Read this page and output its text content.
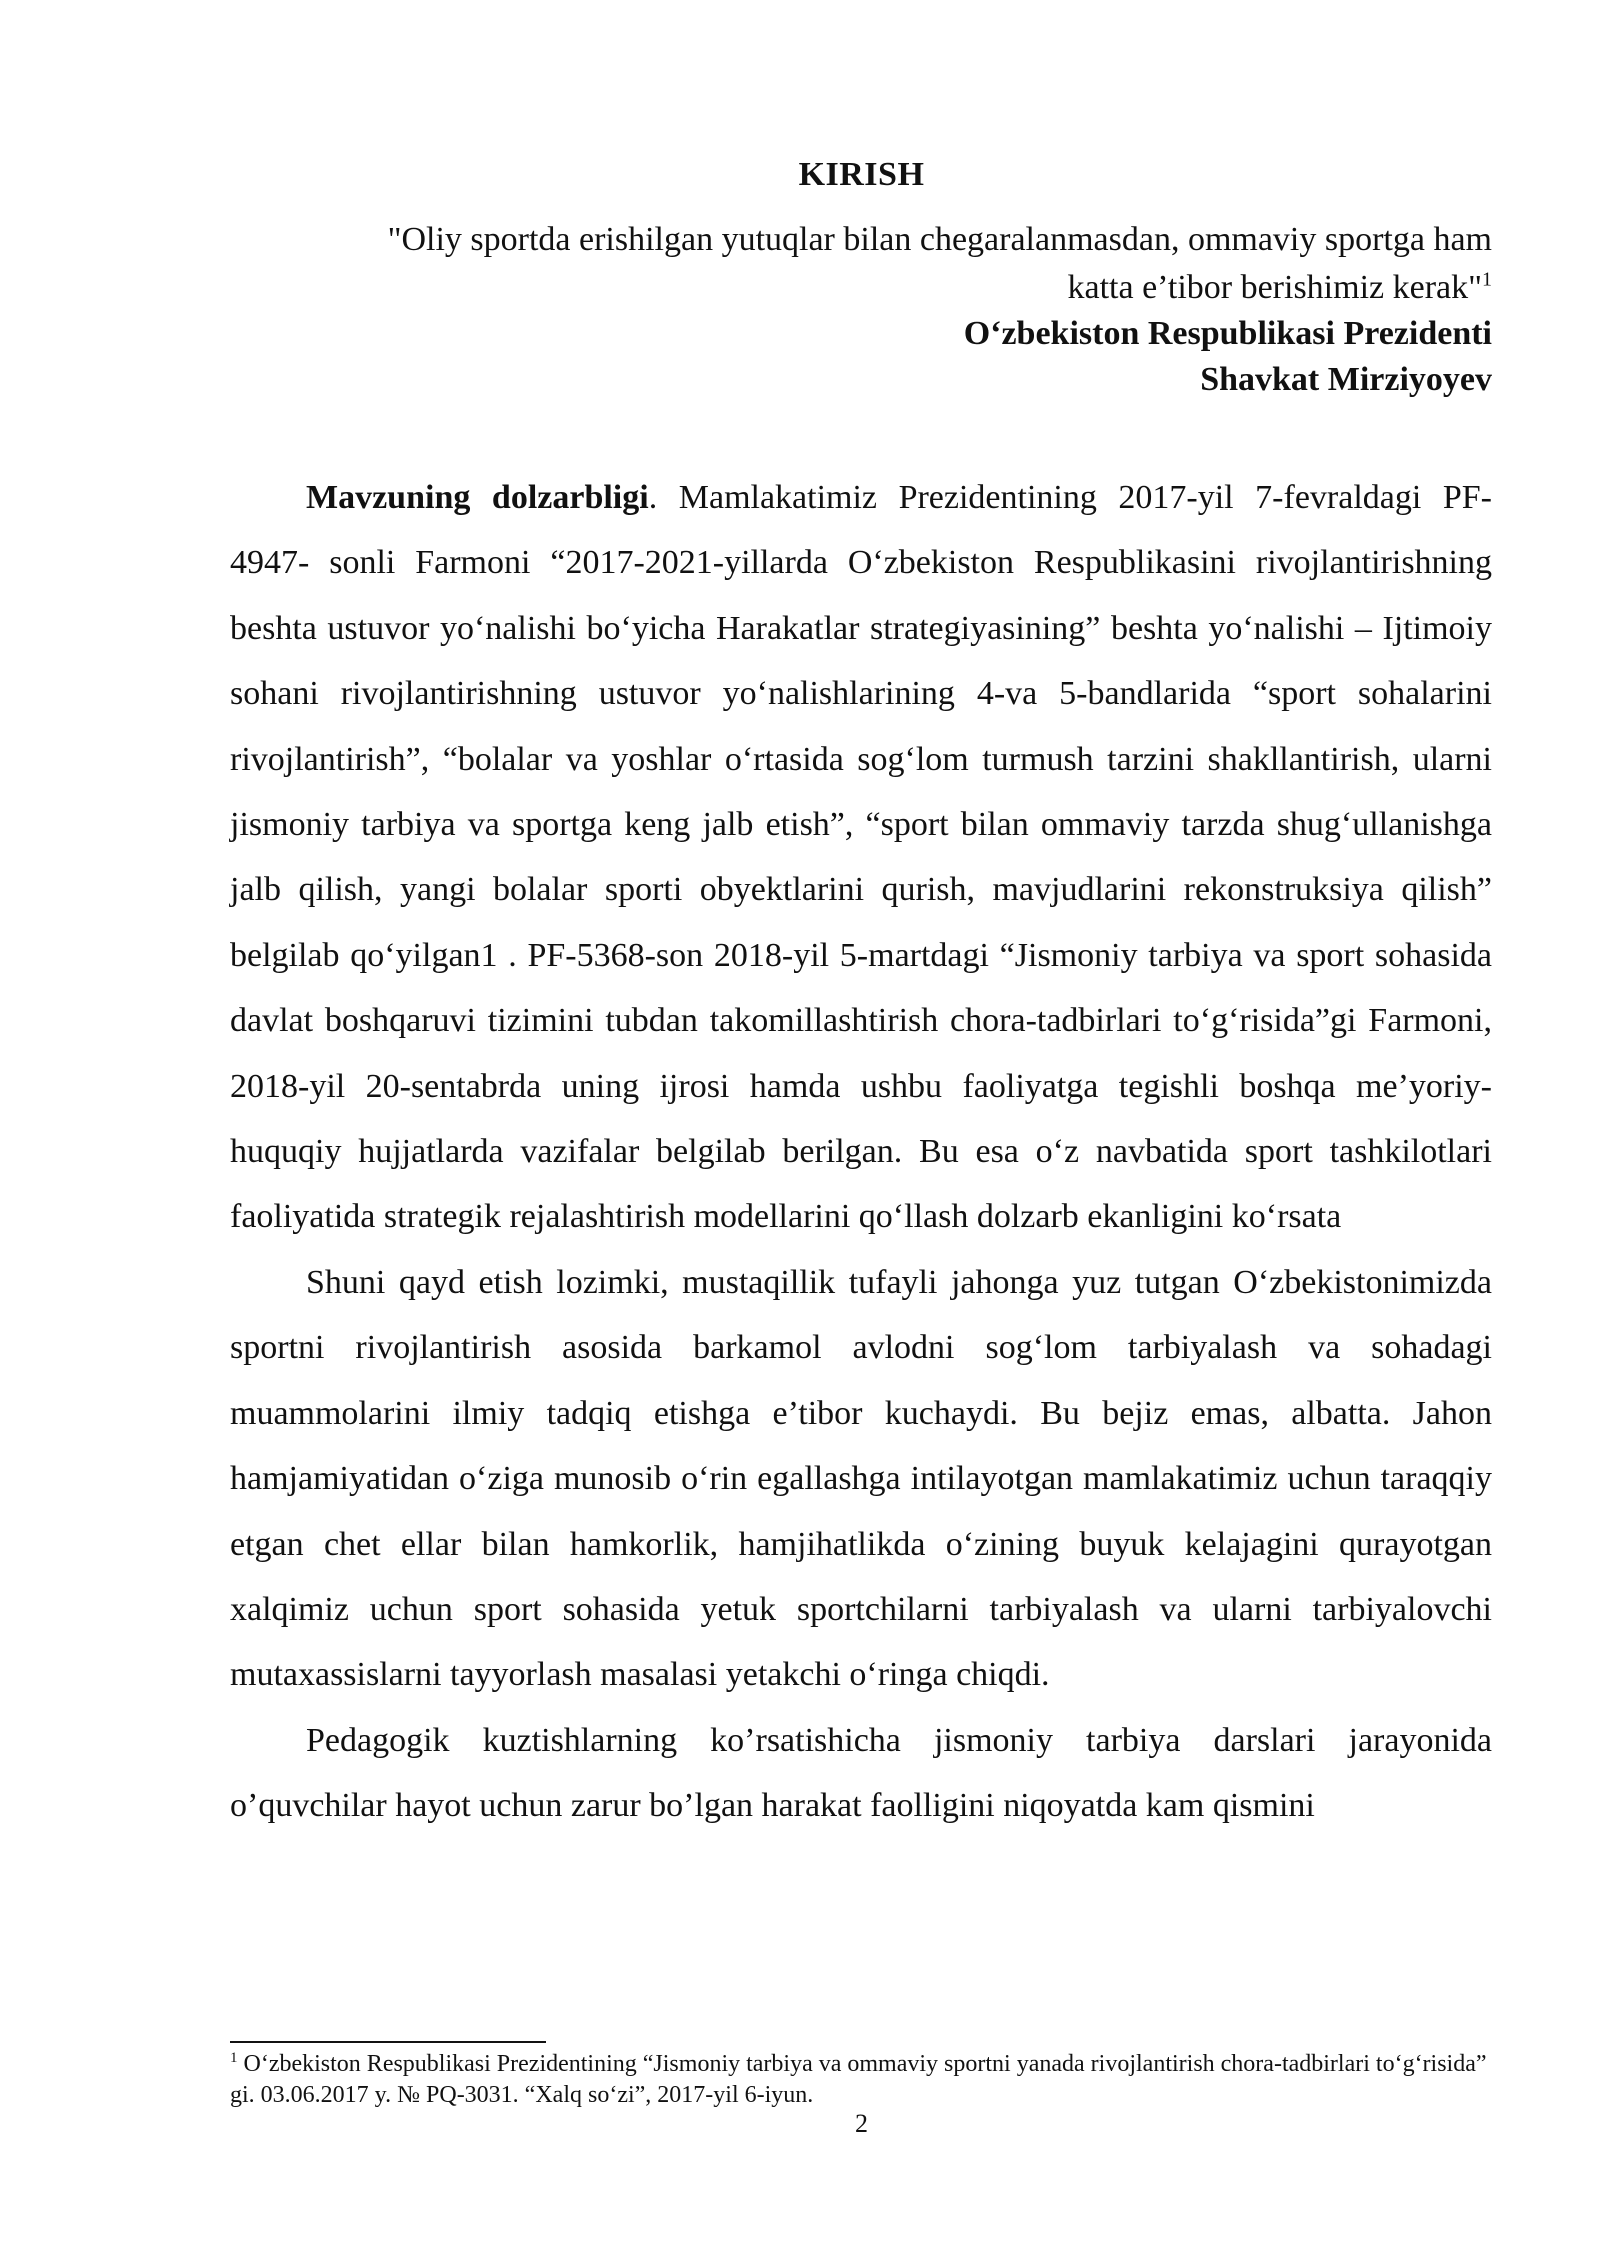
KIRISH
"Oliy sportda erishilgan yutuqlar bilan chegaralanmasdan, ommaviy sportga ham
katta e’tibor berishimiz kerak"$^1$
O‘zbekiston Respublikasi Prezidenti
Shavkat Mirziyoyev

Mavzuning dolzarbligi. Mamlakatimiz Prezidentining 2017-yil 7-fevraldagi PF-4947- sonli Farmoni “2017-2021-yillarda O‘zbekiston Respublikasini rivojlantirishning beshta ustuvor yo‘nalishi bo‘yicha Harakatlar strategiyasining” beshta yo‘nalishi – Ijtimoiy sohani rivojlantirishning ustuvor yo‘nalishlarining 4-va 5-bandlarida “sport sohalarini rivojlantirish”, “bolalar va yoshlar o‘rtasida sog‘lom turmush tarzini shakllantirish, ularni jismoniy tarbiya va sportga keng jalb etish”, “sport bilan ommaviy tarzda shug‘ullanishga jalb qilish, yangi bolalar sporti obyektlarini qurish, mavjudlarini rekonstruksiya qilish” belgilab qo‘yilgan1 . PF-5368-son 2018-yil 5-martdagi “Jismoniy tarbiya va sport sohasida davlat boshqaruvi tizimini tubdan takomillashtirish chora-tadbirlari to‘g‘risida”gi Farmoni, 2018-yil 20-sentabrda uning ijrosi hamda ushbu faoliyatga tegishli boshqa me’yoriy-huquqiy hujjatlarda vazifalar belgilab berilgan. Bu esa o‘z navbatida sport tashkilotlari faoliyatida strategik rejalashtirish modellarini qo‘llash dolzarb ekanligini ko‘rsata

Shuni qayd etish lozimki, mustaqillik tufayli jahonga yuz tutgan O‘zbekistonimizda sportni rivojlantirish asosida barkamol avlodni sog‘lom tarbiyalash va sohadagi muammolarini ilmiy tadqiq etishga e’tibor kuchaydi. Bu bejiz emas, albatta. Jahon hamjamiyatidan o‘ziga munosib o‘rin egallashga intilayotgan mamlakatimiz uchun taraqqiy etgan chet ellar bilan hamkorlik, hamjihatlikda o‘zining buyuk kelajagini qurayotgan xalqimiz uchun sport sohasida yetuk sportchilarni tarbiyalash va ularni tarbiyalovchi mutaxassislarni tayyorlash masalasi yetakchi o‘ringa chiqdi.

Pedagogik kuztishlarning ko’rsatishicha jismoniy tarbiya darslari jarayonida o’quvchilar hayot uchun zarur bo’lgan harakat faolligini niqoyatda kam qismini

$^1$ O‘zbekiston Respublikasi Prezidentining “Jismoniy tarbiya va ommaviy sportni yanada rivojlantirish chora-tadbirlari to‘g‘risida” gi. 03.06.2017 y. № PQ-3031. “Xalq so‘zi”, 2017-yil 6-iyun.
2
